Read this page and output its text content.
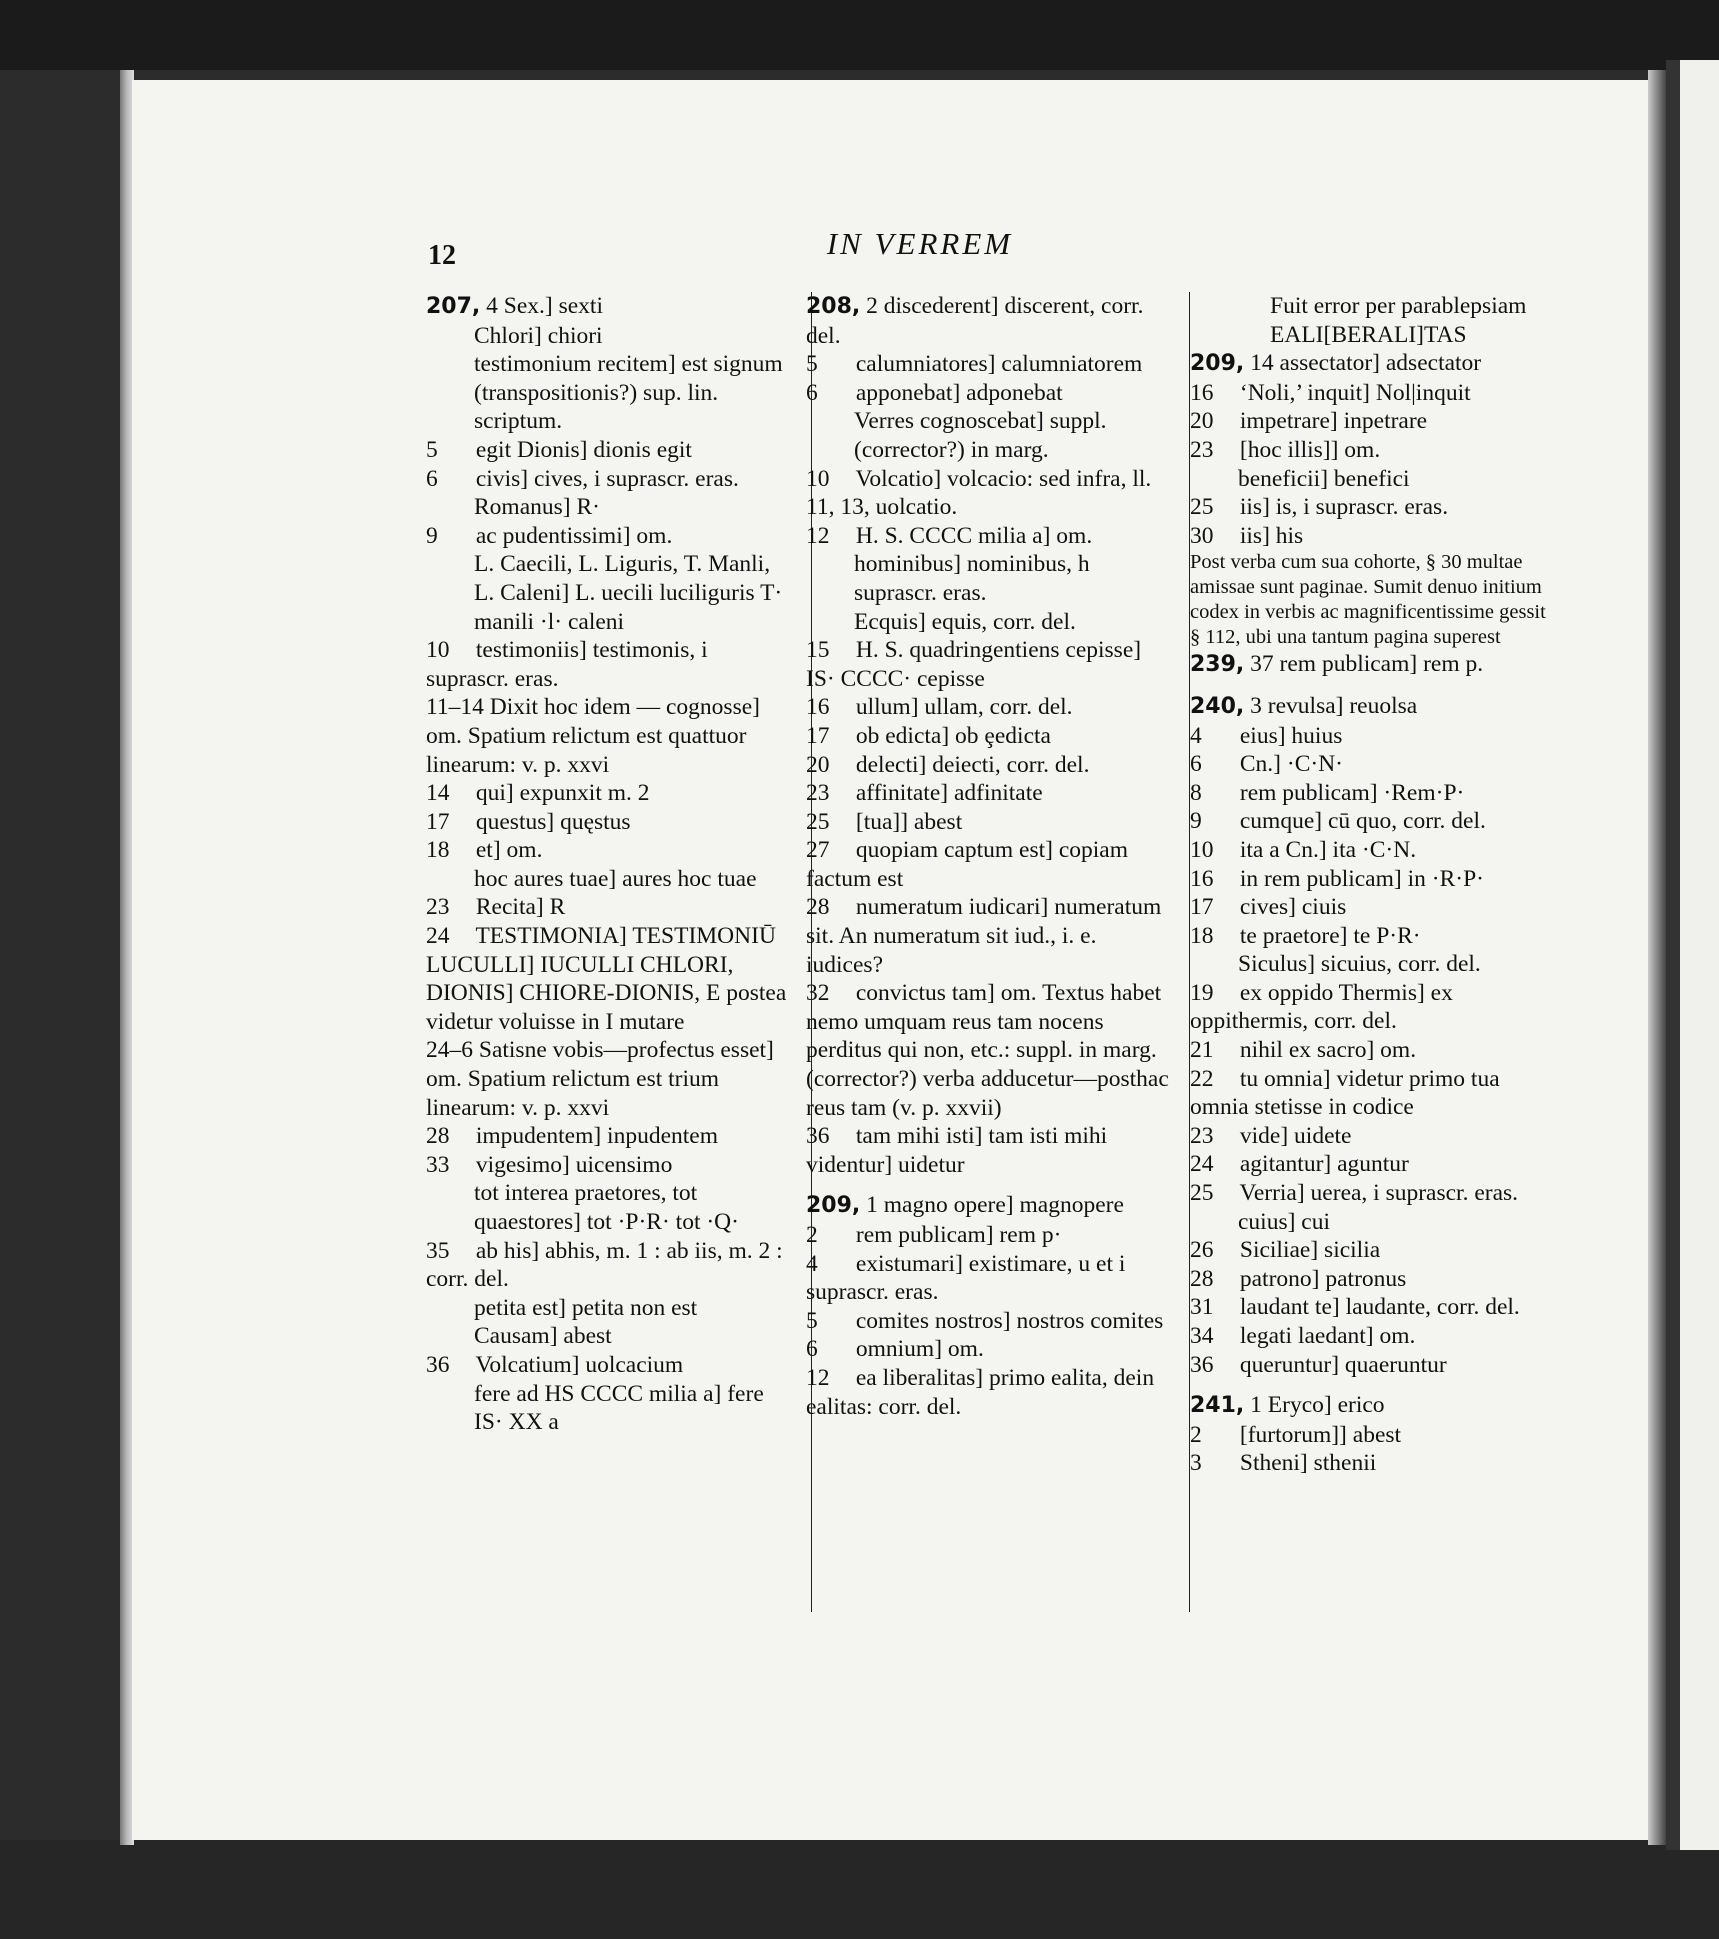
12	IN VERREM
207, 4 Sex.] sexti
Chlori] chiori
testimonium recitem] est signum (transpositionis?) sup. lin. scriptum.
5 egit Dionis] dionis egit
6 civis] cives, i suprascr. eras.
Romanus] R·
9 ac pudentissimi] om.
L. Caecili, L. Liguris, T. Manli, L. Caleni] L. uecili luciliguris T· manili ·l· caleni
10 testimoniis] testimonis, i suprascr. eras.
11–14 Dixit hoc idem — cognosse] om. Spatium relictum est quattuor linearum: v. p. xxvi
14 qui] expunxit m. 2
17 questus] quęstus
18 et] om.
hoc aures tuae] aures hoc tuae
23 Recita] R
24 TESTIMONIA] TESTIMONIŪ LUCULLI] IUCULLI CHLORI, DIONIS] CHIORE-DIONIS, E postea videtur voluisse in I mutare
24–6 Satisne vobis—profectus esset] om. Spatium relictum est trium linearum: v. p. xxvi
28 impudentem] inpudentem
33 vigesimo] uicensimo
tot interea praetores, tot quaestores] tot ·P·R· tot ·Q·
35 ab his] abhis, m. 1 : ab iis, m. 2 : corr. del.
petita est] petita non est
Causam] abest
36 Volcatium] uolcacium
fere ad HS CCCC milia a] fere IS· XX a
208, 2 discederent] discerent, corr. del.
5 calumniatores] calumniatorem
6 apponebat] adponebat
Verres cognoscebat] suppl. (corrector?) in marg.
10 Volcatio] volcacio: sed infra, ll. 11, 13, uolcatio.
12 H. S. CCCC milia a] om.
hominibus] nominibus, h suprascr. eras.
Ecquis] equis, corr. del.
15 H. S. quadringentiens cepisse] IS· CCCC· cepisse
16 ullum] ullam, corr. del.
17 ob edicta] ob ȩedicta
20 delecti] deiecti, corr. del.
23 affinitate] adfinitate
25 [tua]] abest
27 quopiam captum est] copiam factum est
28 numeratum iudicari] numeratum sit. An numeratum sit iud., i. e. iudices?
32 convictus tam] om. Textus habet nemo umquam reus tam nocens perditus qui non, etc.: suppl. in marg. (corrector?) verba adducetur—posthac reus tam (v. p. xxvii)
36 tam mihi isti] tam isti mihi videntur] uidetur
209, 1 magno opere] magnopere
2 rem publicam] rem p·
4 existumari] existimare, u et i suprascr. eras.
5 comites nostros] nostros comites
6 omnium] om.
12 ea liberalitas] primo ealita, dein ealitas: corr. del.
Fuit error per parablepsiam EALI[BERALI]TAS
209, 14 assectator] adsectator
16 ‘Noli,’ inquit] Nol|inquit
20 impetrare] inpetrare
23 [hoc illis]] om.
beneficii] benefici
25 iis] is, i suprascr. eras.
30 iis] his
Post verba cum sua cohorte, § 30 multae amissae sunt paginae. Sumit denuo initium codex in verbis ac magnificentissime gessit § 112, ubi una tantum pagina superest
239, 37 rem publicam] rem p.
240, 3 revulsa] reuolsa
4 eius] huius
6 Cn.] ·C·N·
8 rem publicam] ·Rem·P·
9 cumque] cū quo, corr. del.
10 ita a Cn.] ita ·C·N.
16 in rem publicam] in ·R·P·
17 cives] ciuis
18 te praetore] te P·R·
Siculus] sicuius, corr. del.
19 ex oppido Thermis] ex oppithermis, corr. del.
21 nihil ex sacro] om.
22 tu omnia] videtur primo tua omnia stetisse in codice
23 vide] uidete
24 agitantur] aguntur
25 Verria] uerea, i suprascr. eras.
cuius] cui
26 Siciliae] sicilia
28 patrono] patronus
31 laudant te] laudante, corr. del.
34 legati laedant] om.
36 queruntur] quaeruntur
241, 1 Eryco] erico
2 [furtorum]] abest
3 Stheni] sthenii
